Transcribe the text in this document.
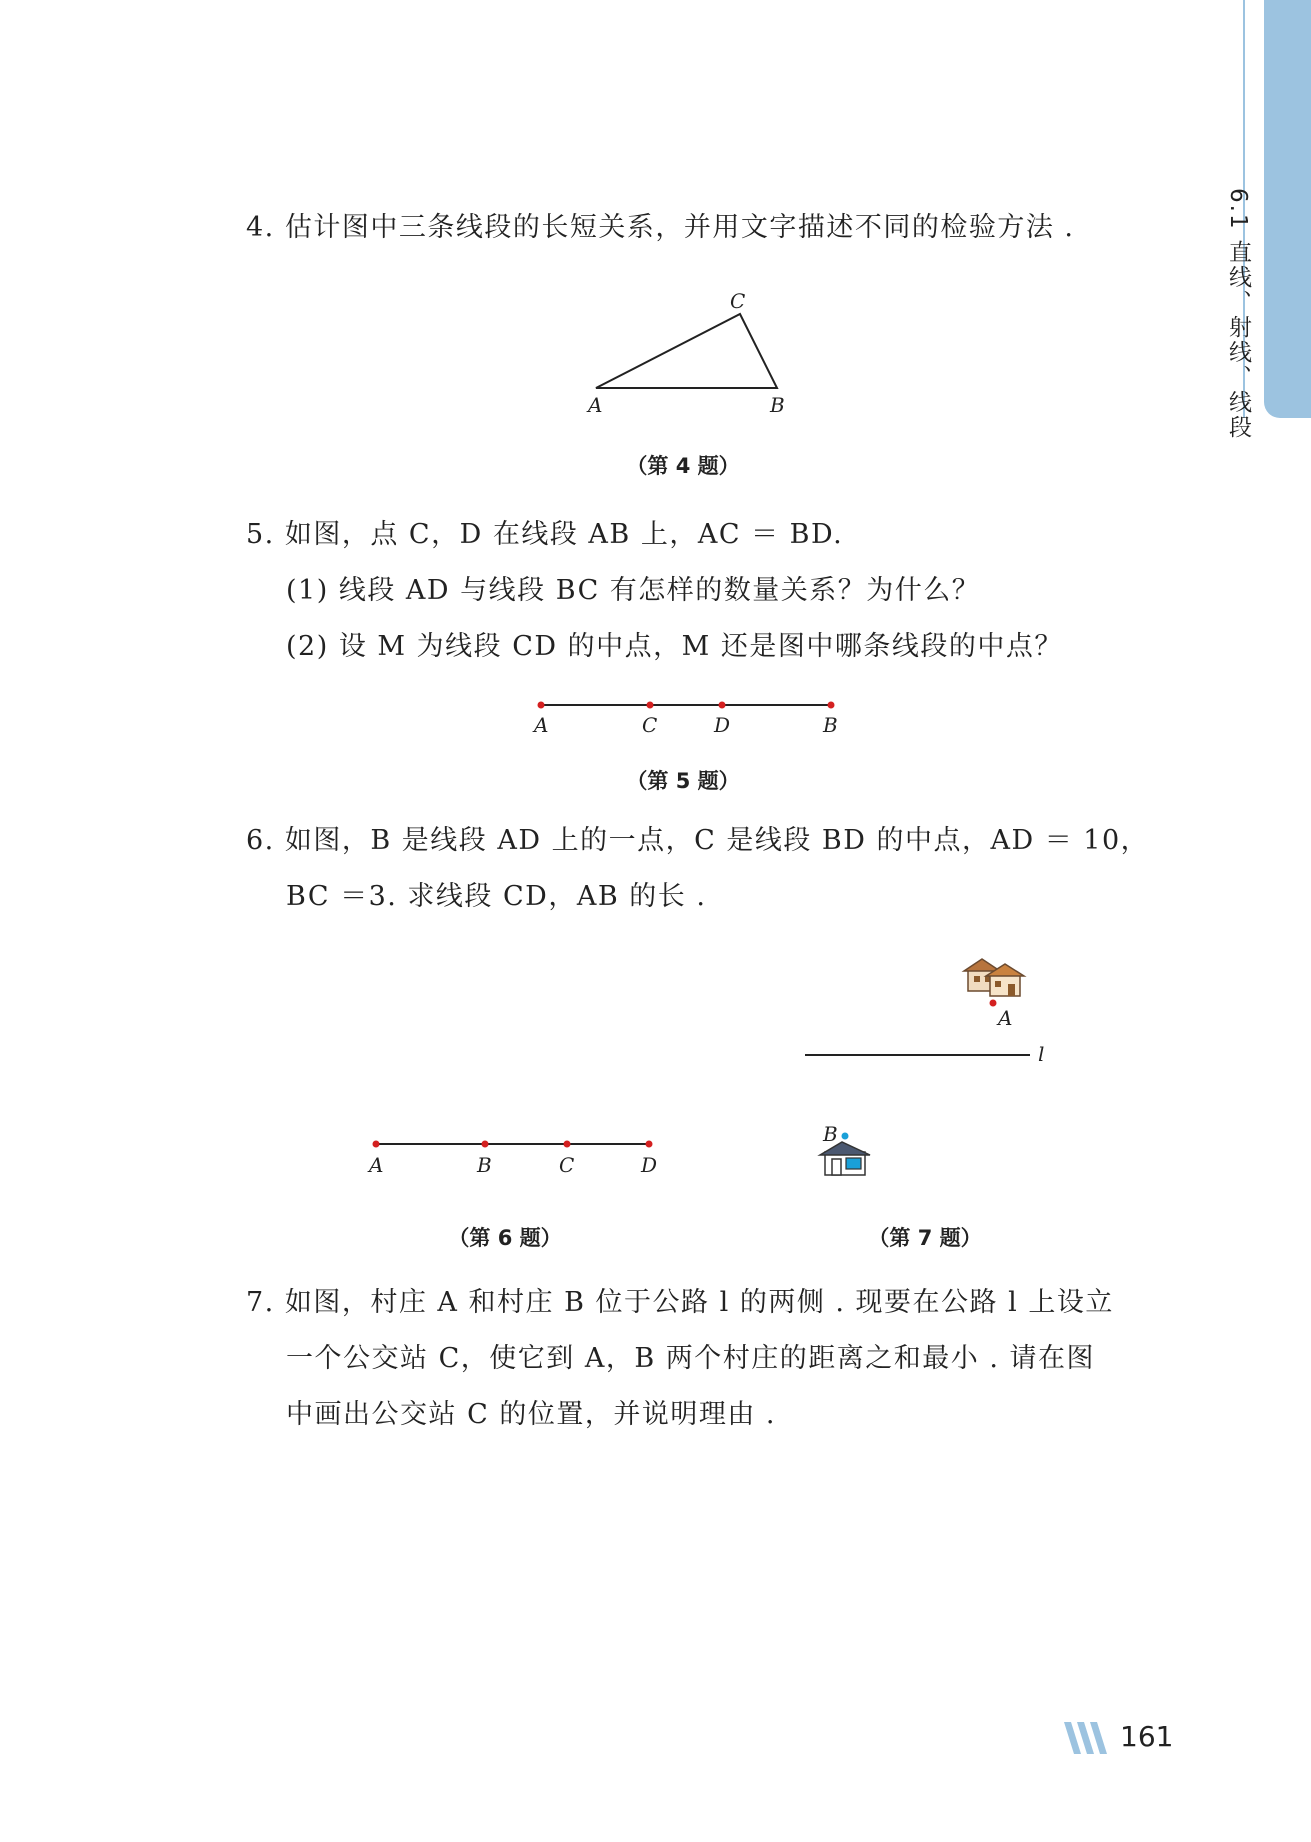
6.1 直线、射线、线段
4. 估计图中三条线段的长短关系，并用文字描述不同的检验方法 .
A	B
C
（第 4 题）
5. 如图，点 C，D 在线段 AB 上，AC ＝ BD.
(1) 线段 AD 与线段 BC 有怎样的数量关系？为什么？
(2) 设 M 为线段 CD 的中点，M 还是图中哪条线段的中点？
A	C	D	B
（第 5 题）
6. 如图，B 是线段 AD 上的一点，C 是线段 BD 的中点，AD ＝ 10，
BC ＝3. 求线段 CD，AB 的长 .
A	B	C	D
（第 6 题）
A
l
B
（第 7 题）
7. 如图，村庄 A 和村庄 B 位于公路 l 的两侧 . 现要在公路 l 上设立
一个公交站 C，使它到 A，B 两个村庄的距离之和最小 . 请在图
中画出公交站 C 的位置，并说明理由 .
161
